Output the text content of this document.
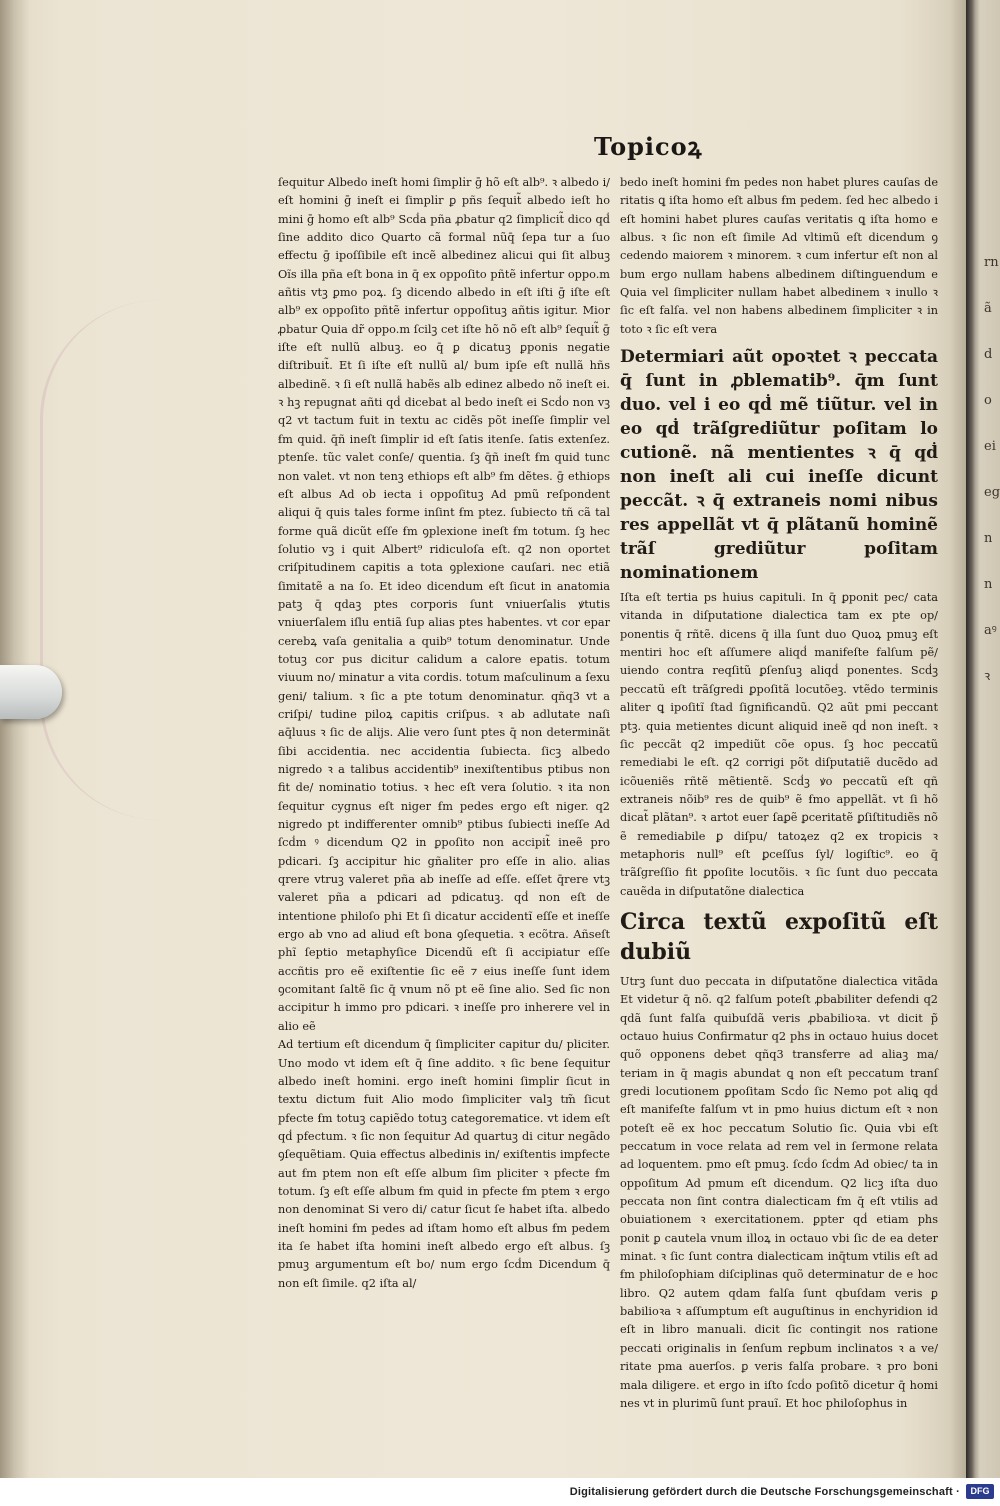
Topicoꝝ

ſequitur Albedo ineſt homi ſimpli̇r ḡ hõ eſt alb⁹. ꝛ albedo i/ eſt homini ḡ ineſt ei ſimpli̇r ꝑ pñs ſequit̃ albedo ieſt ho mini ḡ homo eſt alb⁹ Scḋa pña ꝓbatur q2 ſimplicit̃ dico qḋ ſine addito dico Quarto cã formal nũq̄ ſepa tur a ſuo effectu ḡ ipoſſibile eſt incẽ albedinez alicui qui ſit albuꝫ Oĩs illa pña eſt bona in q̄ ex oppoſito pñtẽ infertur oppo.m añtis vtꝫ ꝑmo poꝝ. ſꝫ dicendo albedo in eſt iſti ḡ iſte eſt alb⁹ ex oppoſito pñtẽ infertur oppoſituꝫ añtis igitur. Mior ꝓbatur Quia dr̃ oppo.m ſcilꝫ cet iſte hõ nõ eſt alb⁹ ſequit̃ ḡ iſte eſt nullũ albuꝫ. eo q̄ ꝑ dicatuꝫ ꝑponis negatie diſtribuit̃. Et ſi iſte eſt nullũ al/ bum ipſe eſt nullã hñs albedinẽ. ꝛ ſi eſt nullã habẽs alb edinez albedo nõ ineſt ei. ꝛ hꝫ repugnat añti qḋ dicebat al bedo ineſt ei Scḋo non vꝫ q2 vt tactum fuit in textu ac cidẽs põt ineſſe ſimpli̇r vel ẜm quid. q̄ñ ineſt ſimpli̇r id eſt ſatis itenſe. ſatis extenſez. ptenſe. tũc valet conſe/ quentia. ſꝫ q̄ñ ineſt ẜm quid tunc non valet. vt non tenꝫ ethiops eſt alb⁹ ẜm dẽtes. ḡ ethiops eſt albus Ad ob iecta i oppoſituꝫ Ad pmũ reſpondent aliqui q̄ quis tales forme inſint ẜm ptez. ſubiecto tñ cã tal forme quã dicũt eſſe ẜm ꝯplexione ineſt ẜm totum. ſꝫ hec ſolutio vꝫ i quit Albert⁹ ridiculoſa eſt. q2 non oportet criſpitudinem capitis a tota ꝯplexione cauſari. nec etiã ſimitatẽ a na ſo. Et ideo dicendum eſt ſicut in anatomia patꝫ q̄ qdaꝫ ptes corporis ſunt vniuerſalis ꝟtutis vniuerſalem iſlu entiã ſup alias ptes habentes. vt cor epar cerebꝝ vaſa genitalia a quib⁹ totum denominatur. Unde totuꝫ cor pus dicitur calidum a calore epatis. totum viuum no/ minatur a vita cordis. totum maſculinum a ſexu geni/ talium. ꝛ ſic a pte totum denominatur. qñq3 vt a criſpi/ tudine piloꝝ capitis criſpus. ꝛ ab adlutate naſi aq̄luus ꝛ ſic de alijs. Alie vero ſunt ptes q̄ non determinãt ſibi accidentia. nec accidentia ſubiecta. ſicꝫ albedo nigredo ꝛ a talibus accidentib⁹ inexiſtentibus ptibus non fit de/ nominatio totius. ꝛ hec eſt vera ſolutio. ꝛ ita non ſequitur cygnus eſt niger ẜm pedes ergo eſt niger. q2 nigredo pt indifferenter omnib⁹ ptibus ſubiecti ineſſe Ad ſcḋm ꝰ dicendum Q2 in ꝑpoſito non accipit̃ ineẽ pro pdicari. ſꝫ accipitur hic gñaliter pro eſſe in alio. alias qrere vtruꝫ valeret pña ab ineſſe ad eſſe. eſſet q̄rere vtꝫ valeret pña a pdicari ad pdicatuꝫ. qḋ non eſt de intentione philoſo phi Et ſi dicatur accidentĩ eſſe et ineſſe ergo ab vno ad aliud eſt bona ꝯſequetia. ꝛ ecõtra. Añseſt phĩ ſeptio metaphyſice Dicendũ eſt ſi accipiatur eſſe accñtis pro eẽ exiſtentie ſic eẽ ⁊ eius ineſſe ſunt idem ꝯcomitant ſaltẽ ſic q̄ vnum nõ pt eẽ ſine alio. Sed ſic non accipitur h immo pro pdicari. ꝛ ineſſe pro inherere vel in alio eẽ

Ad tertium eſt dicendum q̄ ſimpliciter capitur du/ pliciter. Uno modo vt idem eſt q̄ ſine addito. ꝛ ſic bene ſequitur albedo ineſt homini. ergo ineſt homini ſimpli̇r ſicut in textu dictum fuit Alio modo ſimpliciter valꝫ tm̃ ſicut pfecte ẜm totuꝫ capiẽdo totuꝫ categorematice. vt idem eſt qḋ pfectum. ꝛ ſic non ſequitur Ad quartuꝫ di citur negãdo ꝯſequẽtiam. Quia effectus albedinis in/ exiſtentis impfecte aut ẜm ptem non eſt eſſe album ſim pliciter ꝛ pfecte ẜm totum. ſꝫ eſt eſſe album ẜm quid in pfecte ẜm ptem ꝛ ergo non denominat Si vero di/ catur ſicut ſe habet iſta. albedo ineſt homini ẜm pedes ad iſtam homo eſt albus ẜm pedem ita ſe habet iſta homini ineſt albedo ergo eſt albus. ſꝫ pmuꝫ argumentum eſt bo/ num ergo ſcḋm Dicendum q̄ non eſt ſimile. q2 iſta al/

bedo ineſt homini ẜm pedes non habet plures cauſas de ritatis ꝗ iſta homo eſt albus ẜm pedem. ſed hec albedo i eſt homini habet plures cauſas veritatis ꝗ iſta homo e albus. ꝛ ſic non eſt ſimile Ad vltimũ eſt dicendum ꝯ cedendo maiorem ꝛ minorem. ꝛ cum infertur eſt non al bum ergo nullam habens albedinem diſtinguendum e Quia vel ſimpliciter nullam habet albedinem ꝛ inullo ꝛ ſic eſt falſa. vel non habens albedinem ſimpliciter ꝛ in toto ꝛ ſic eſt vera

Determiari aũt opoꝛtet ꝛ peccata q̄ ſunt in ꝓblematib⁹. q̄m ſunt duo. vel i eo qḋ mẽ tiũtur. vel in eo qḋ trãſgrediũtur poſitam lo cutionẽ. nã mentientes ꝛ q̄ qḋ non ineſt ali cui ineſſe dicunt peccãt. ꝛ q̄ extraneis nomi nibus res appellãt vt q̄ plãtanũ hominẽ trãſ grediũtur poſitam nominationem

Iſta eſt tertia ps huius capituli. In q̄ ꝑponit pec/ cata vitanda in diſputatione dialectica tam ex pte op/ ponentis q̄ rñtẽ. dicens q̄ illa ſunt duo Quoꝝ pmuꝫ eſt mentiri hoc eſt aſſumere aliqḋ manifeſte falſum pẽ/ uiendo contra reqſitũ ꝑſenſuꝫ aliqḋ ponentes. Scḋꝫ peccatũ eſt trãſgredi ꝑpoſitã locutõeꝫ. vtẽdo terminis aliter ꝗ ipoſitĩ ſtad ſignificandũ. Q2 aũt pmi peccant ptꝫ. quia metientes dicunt aliquid ineẽ qḋ non ineſt. ꝛ ſic peccãt q2 impediũt cõe opus. ſꝫ hoc peccatũ remediabi le eſt. q2 corrigi põt diſputatiẽ ducẽdo ad icõueniẽs rñtẽ mẽtientẽ. Scḋꝫ ꝟo peccatũ eſt qñ extraneis nõib⁹ res de quib⁹ ẽ ẜmo appellãt. vt ſi hõ dicat̃ plãtan⁹. ꝛ artot euer ſaꝑẽ ꝑceritatẽ ꝑſiſtitudiẽs nõ ẽ remediabile ꝑ diſpu/ tatoꝝez q2 ex tropicis ꝛ metaphoris null⁹ eſt ꝑceſſus ſyl/ logiſtic⁹. eo q̄ trãſgreſſio fit ꝑpoſite locutõis. ꝛ ſic ſunt duo peccata cauẽda in diſputatõne dialectica

Circa textũ expoſitũ eſt dubiũ

Utrꝫ ſunt duo peccata in diſputatõne dialectica vitãda Et videtur q̄ nõ. q2 falſum poteſt ꝓbabiliter defendi q2 qdã ſunt falſa quibuſdã veris ꝓbabilioꝛa. vt dicit p̃ octauo huius Confirmatur q2 phs in octauo huius docet quõ opponens debet qñq3 transferre ad aliaꝫ ma/ teriam in q̄ magis abundat ꝗ non eſt peccatum tranſ gredi locutionem ꝑpoſitam Scḋo ſic Nemo pot aliꝗ qḋ eſt manifeſte falſum vt in pmo huius dictum eſt ꝛ non poteſt eẽ ex hoc peccatum Solutio ſic. Quia vbi eſt peccatum in voce relata ad rem vel in ſermone relata ad loquentem. pmo eſt pmuꝫ. ſcḋo ſcḋm Ad obiec/ ta in oppoſitum Ad pmum eſt dicendum. Q2 licꝫ iſta duo peccata non ſint contra dialecticam ẜm q̄ eſt vtilis ad obuiationem ꝛ exercitationem. ꝑpter qḋ etiam phs ponit ꝑ cautela vnum illoꝝ in octauo vbi ſic de ea deter minat. ꝛ ſic ſunt contra dialecticam inq̄tum vtilis eſt ad ẜm philoſophiam diſciplinas quõ determinatur de e hoc libro. Q2 autem qdam falſa ſunt qbuſdam veris ꝑ babilioꝛa ꝛ aſſumptum eſt auguſtinus in enchyridion id eſt in libro manuali. dicit ſic contingit nos ratione peccati originalis in ſenſum reꝑbum inclinatos ꝛ a ve/ ritate pma auerſos. ꝑ veris falſa probare. ꝛ pro boni mala diligere. et ergo in iſto ſcḋo poſitõ dicetur q̄ homi nes vt in plurimũ ſunt prauĩ. Et hoc philoſophus in

rnãdo ei egnnaꝰ ꝛ
Digitalisierung gefördert durch die Deutsche Forschungsgemeinschaft ·	DFG
